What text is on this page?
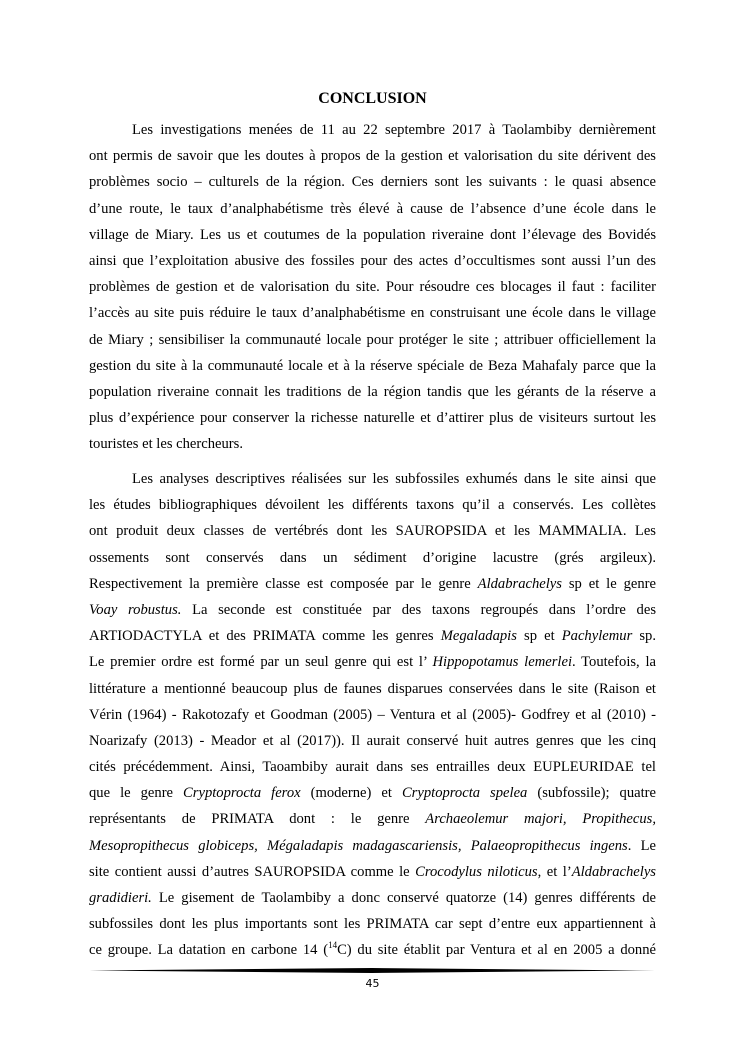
CONCLUSION
Les investigations menées de 11 au 22 septembre 2017 à Taolambiby dernièrement
ont permis de savoir que les doutes à propos de la gestion et valorisation du site dérivent des
problèmes socio – culturels de la région. Ces derniers sont les suivants : le quasi absence
d’une route, le taux d’analphabétisme très élevé à cause de l’absence d’une école dans le
village de Miary. Les us et coutumes de la population riveraine dont l’élevage des Bovidés
ainsi que l’exploitation abusive des fossiles pour des actes d’occultismes sont aussi l’un des
problèmes de gestion et de valorisation du site. Pour résoudre ces blocages il faut : faciliter
l’accès au site puis réduire le taux d’analphabétisme en construisant une école dans le village
de Miary ; sensibiliser la communauté locale pour protéger le site ; attribuer officiellement la
gestion du site à la communauté locale et à la réserve spéciale de Beza Mahafaly parce que la
population riveraine connait les traditions de la région tandis que les gérants de la réserve a
plus d’expérience pour conserver la richesse naturelle et d’attirer plus de visiteurs surtout les
touristes et les chercheurs.
Les analyses descriptives réalisées sur les subfossiles exhumés dans le site ainsi que
les études bibliographiques dévoilent les différents taxons qu’il a conservés. Les collètes
ont produit deux classes de vertébrés dont les SAUROPSIDA et les MAMMALIA. Les
ossements sont conservés dans un sédiment d’origine lacustre (grés argileux).
Respectivement la première classe est composée par le genre Aldabrachelys sp et le genre
Voay robustus. La seconde est constituée par des taxons regroupés dans l’ordre des
ARTIODACTYLA et des PRIMATA comme les genres Megaladapis sp et Pachylemur sp.
Le premier ordre est formé par un seul genre qui est l’ Hippopotamus lemerlei. Toutefois, la
littérature a mentionné beaucoup plus de faunes disparues conservées dans le site (Raison et
Vérin (1964) - Rakotozafy et Goodman (2005) – Ventura et al (2005)- Godfrey et al (2010) -
Noarizafy (2013) - Meador et al (2017)). Il aurait conservé huit autres genres que les cinq
cités précédemment. Ainsi, Taoambiby aurait dans ses entrailles deux EUPLEURIDAE tel
que le genre Cryptoprocta ferox (moderne) et Cryptoprocta spelea (subfossile); quatre
représentants de PRIMATA dont : le genre Archaeolemur majori, Propithecus,
Mesopropithecus globiceps, Mégaladapis madagascariensis, Palaeopropithecus ingens. Le
site contient aussi d’autres SAUROPSIDA comme le Crocodylus niloticus, et l’Aldabrachelys
gradidieri. Le gisement de Taolambiby a donc conservé quatorze (14) genres différents de
subfossiles dont les plus importants sont les PRIMATA car sept d’entre eux appartiennent à
ce groupe. La datation en carbone 14 ($^{14}$C) du site établit par Ventura et al en 2005 a donné
45
